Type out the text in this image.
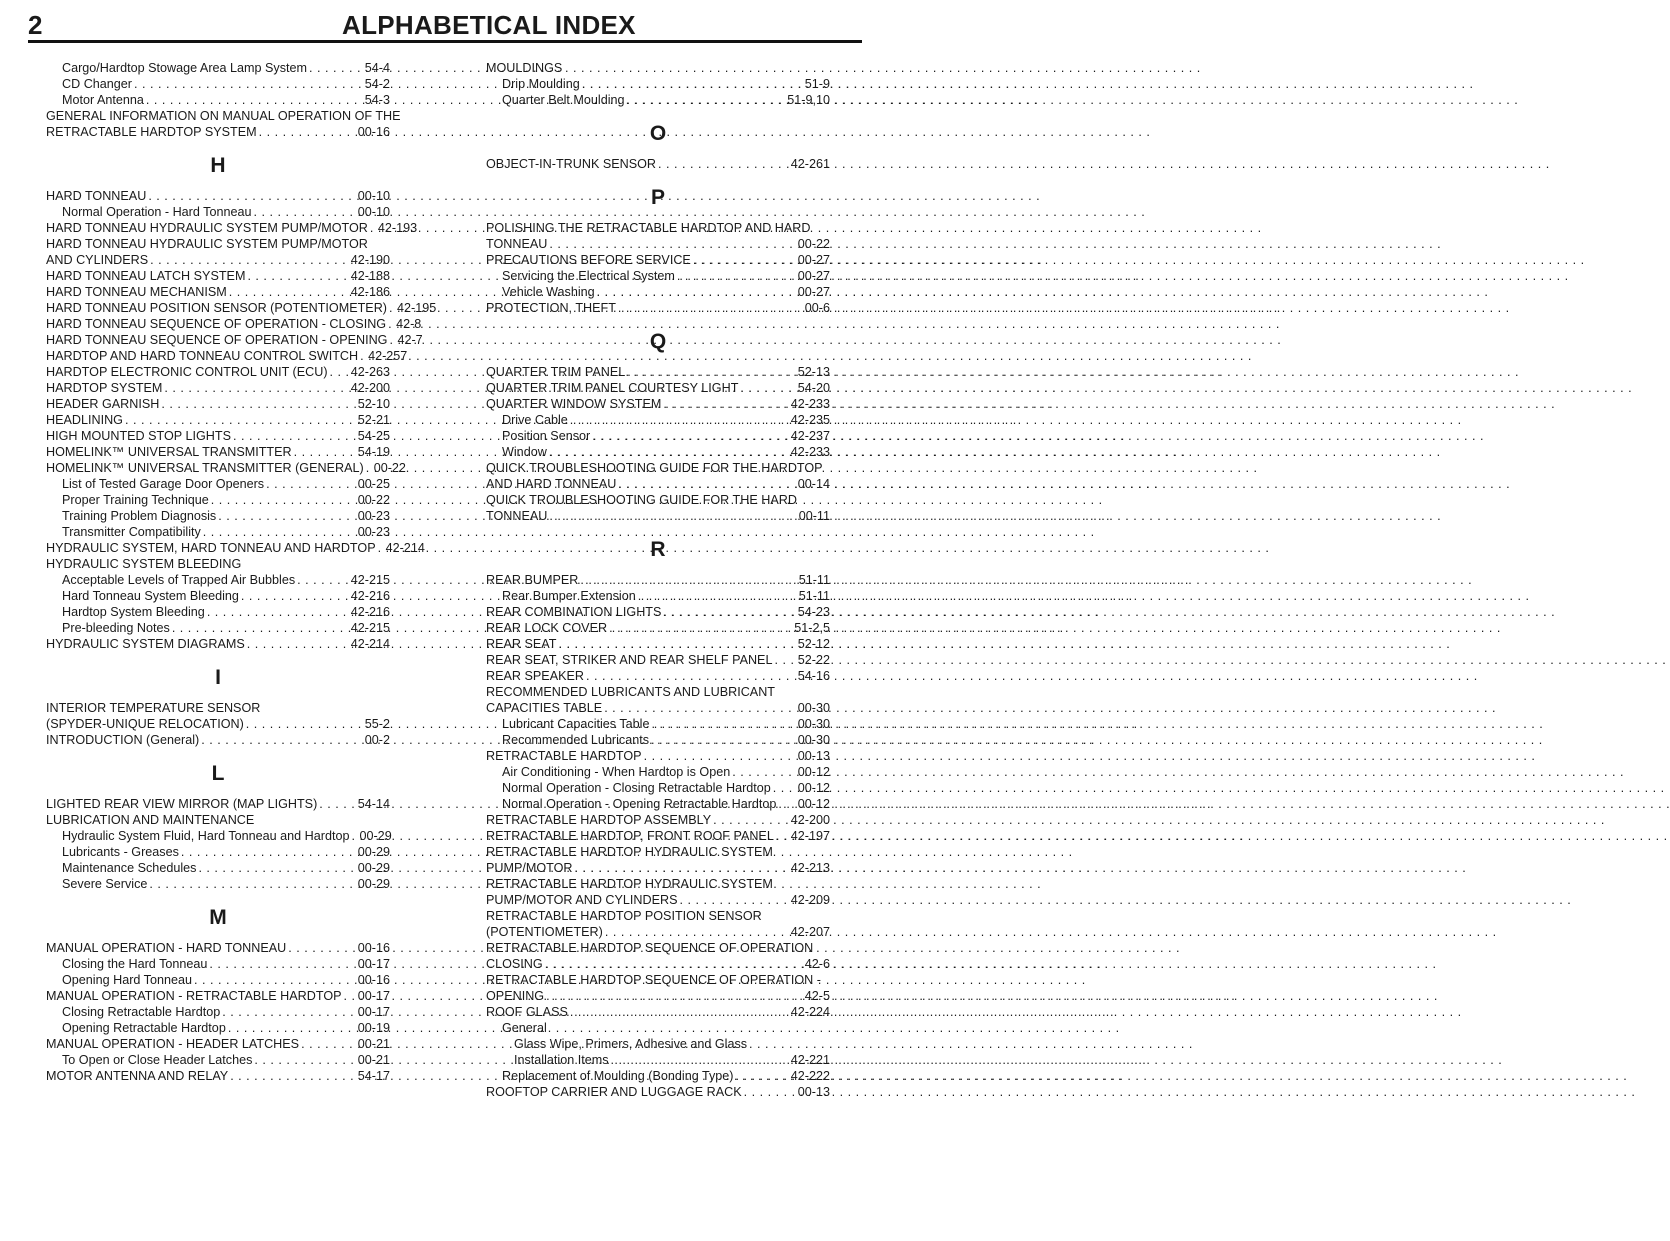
2	ALPHABETICAL INDEX
Cargo/Hardtop Stowage Area Lamp System . . .	54-4
CD Changer . . .	54-2
Motor Antenna . . .	54-3
GENERAL INFORMATION ON MANUAL OPERATION OF THE
RETRACTABLE HARDTOP SYSTEM . . .	00-16
H
HARD TONNEAU . . .	00-10
Normal Operation - Hard Tonneau . . .	00-10
HARD TONNEAU HYDRAULIC SYSTEM PUMP/MOTOR . . . 42-193
HARD TONNEAU HYDRAULIC SYSTEM PUMP/MOTOR
AND CYLINDERS . . .	42-190
HARD TONNEAU LATCH SYSTEM . . .	42-188
HARD TONNEAU MECHANISM . . .	42-186
HARD TONNEAU POSITION SENSOR (POTENTIOMETER) . . . 42-195
HARD TONNEAU SEQUENCE OF OPERATION - CLOSING . . . 42-8
HARD TONNEAU SEQUENCE OF OPERATION - OPENING . . . 42-7
HARDTOP AND HARD TONNEAU CONTROL SWITCH . . . 42-257
HARDTOP ELECTRONIC CONTROL UNIT (ECU) . . . 42-263
HARDTOP SYSTEM . . .	42-200
HEADER GARNISH . . .	52-10
HEADLINING . . .	52-21
HIGH MOUNTED STOP LIGHTS . . .	54-25
HOMELINK™ UNIVERSAL TRANSMITTER . . .	54-19
HOMELINK™ UNIVERSAL TRANSMITTER (GENERAL) . . . 00-22
List of Tested Garage Door Openers . . .	00-25
Proper Training Technique . . .	00-22
Training Problem Diagnosis . . .	00-23
Transmitter Compatibility . . .	00-23
HYDRAULIC SYSTEM, HARD TONNEAU AND HARDTOP . . . 42-214
HYDRAULIC SYSTEM BLEEDING
Acceptable Levels of Trapped Air Bubbles . . .	42-215
Hard Tonneau System Bleeding . . .	42-216
Hardtop System Bleeding . . .	42-216
Pre-bleeding Notes . . .	42-215
HYDRAULIC SYSTEM DIAGRAMS . . .	42-214
I
INTERIOR TEMPERATURE SENSOR
(SPYDER-UNIQUE RELOCATION) . . .	55-2
INTRODUCTION (General) . . .	00-2
L
LIGHTED REAR VIEW MIRROR (MAP LIGHTS) . . .	54-14
LUBRICATION AND MAINTENANCE
Hydraulic System Fluid, Hard Tonneau and Hardtop . . . 00-29
Lubricants - Greases . . .	00-29
Maintenance Schedules . . .	00-29
Severe Service . . .	00-29
M
MANUAL OPERATION - HARD TONNEAU . . .	00-16
Closing the Hard Tonneau . . .	00-17
Opening Hard Tonneau . . .	00-16
MANUAL OPERATION - RETRACTABLE HARDTOP . . . 00-17
Closing Retractable Hardtop . . .	00-17
Opening Retractable Hardtop . . .	00-19
MANUAL OPERATION - HEADER LATCHES . . .	00-21
To Open or Close Header Latches . . .	00-21
MOTOR ANTENNA AND RELAY . . .	54-17
MOULDINGS
Drip Moulding . . .	51-9
Quarter Belt Moulding . . .	51-9,10
O
OBJECT-IN-TRUNK SENSOR . . .	42-261
P
POLISHING THE RETRACTABLE HARDTOP AND HARD
TONNEAU . . .	00-22
PRECAUTIONS BEFORE SERVICE . . .	00-27
Servicing the Electrical System . . .	00-27
Vehicle Washing . . .	00-27
PROTECTION, THEFT . . .	00-6
Q
QUARTER TRIM PANEL . . .	52-13
QUARTER TRIM PANEL COURTESY LIGHT . . .	54-20
QUARTER WINDOW SYSTEM . . .	42-233
Drive Cable . . .	42-235
Position Sensor . . .	42-237
Window . . .	42-233
QUICK TROUBLESHOOTING GUIDE FOR THE HARDTOP
AND HARD TONNEAU . . .	00-14
QUICK TROUBLESHOOTING GUIDE FOR THE HARD
TONNEAU . . .	00-11
R
REAR BUMPER . . .	51-11
Rear Bumper Extension . . .	51-11
REAR COMBINATION LIGHTS . . .	54-23
REAR LOCK COVER . . .	51-2,5
REAR SEAT . . .	52-12
REAR SEAT, STRIKER AND REAR SHELF PANEL . . . 52-22
REAR SPEAKER . . .	54-16
RECOMMENDED LUBRICANTS AND LUBRICANT
CAPACITIES TABLE . . .	00-30
Lubricant Capacities Table . . .	00-30
Recommended Lubricants . . .	00-30
RETRACTABLE HARDTOP . . .	00-13
Air Conditioning - When Hardtop is Open . . .	00-12
Normal Operation - Closing Retractable Hardtop . . . 00-12
Normal Operation - Opening Retractable Hardtop . . . 00-12
RETRACTABLE HARDTOP ASSEMBLY . . .	42-200
RETRACTABLE HARDTOP, FRONT ROOF PANEL . . . 42-197
RETRACTABLE HARDTOP HYDRAULIC SYSTEM
PUMP/MOTOR . . .	42-213
RETRACTABLE HARDTOP HYDRAULIC SYSTEM
PUMP/MOTOR AND CYLINDERS . . .	42-209
RETRACTABLE HARDTOP POSITION SENSOR
(POTENTIOMETER) . . .	42-207
RETRACTABLE HARDTOP SEQUENCE OF OPERATION
CLOSING . . .	42-6
RETRACTABLE HARDTOP SEQUENCE OF OPERATION -
OPENING . . .	42-5
ROOF GLASS . . .	42-224
General
Glass Wipe, Primers, Adhesive and Glass
Installation Items . . .	42-221
Replacement of Moulding (Bonding Type) . . .	42-222
ROOFTOP CARRIER AND LUGGAGE RACK . . .	00-13
